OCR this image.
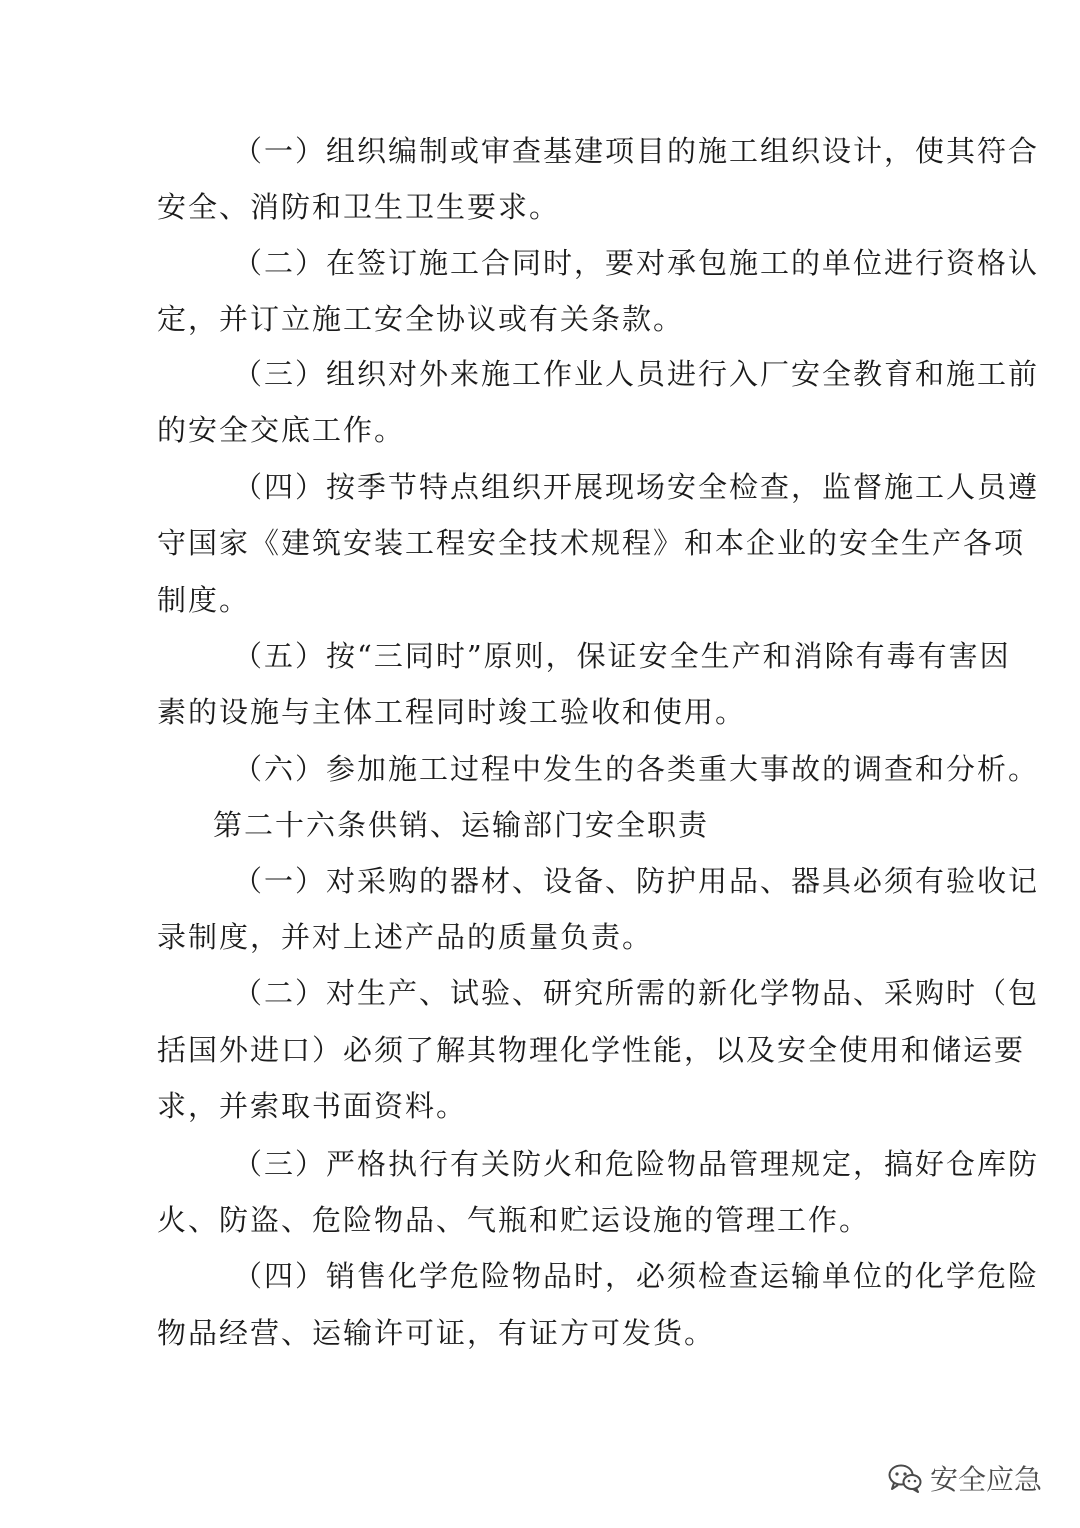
（一）组织编制或审查基建项目的施工组织设计，使其符合
安全、消防和卫生卫生要求。
（二）在签订施工合同时，要对承包施工的单位进行资格认
定，并订立施工安全协议或有关条款。
（三）组织对外来施工作业人员进行入厂安全教育和施工前
的安全交底工作。
（四）按季节特点组织开展现场安全检查，监督施工人员遵
守国家《建筑安装工程安全技术规程》和本企业的安全生产各项
制度。
（五）按“三同时”原则，保证安全生产和消除有毒有害因
素的设施与主体工程同时竣工验收和使用。
（六）参加施工过程中发生的各类重大事故的调查和分析。
第二十六条供销、运输部门安全职责
（一）对采购的器材、设备、防护用品、器具必须有验收记
录制度，并对上述产品的质量负责。
（二）对生产、试验、研究所需的新化学物品、采购时（包
括国外进口）必须了解其物理化学性能，以及安全使用和储运要
求，并索取书面资料。
（三）严格执行有关防火和危险物品管理规定，搞好仓库防
火、防盗、危险物品、气瓶和贮运设施的管理工作。
（四）销售化学危险物品时，必须检查运输单位的化学危险
物品经营、运输许可证，有证方可发货。
安全应急
